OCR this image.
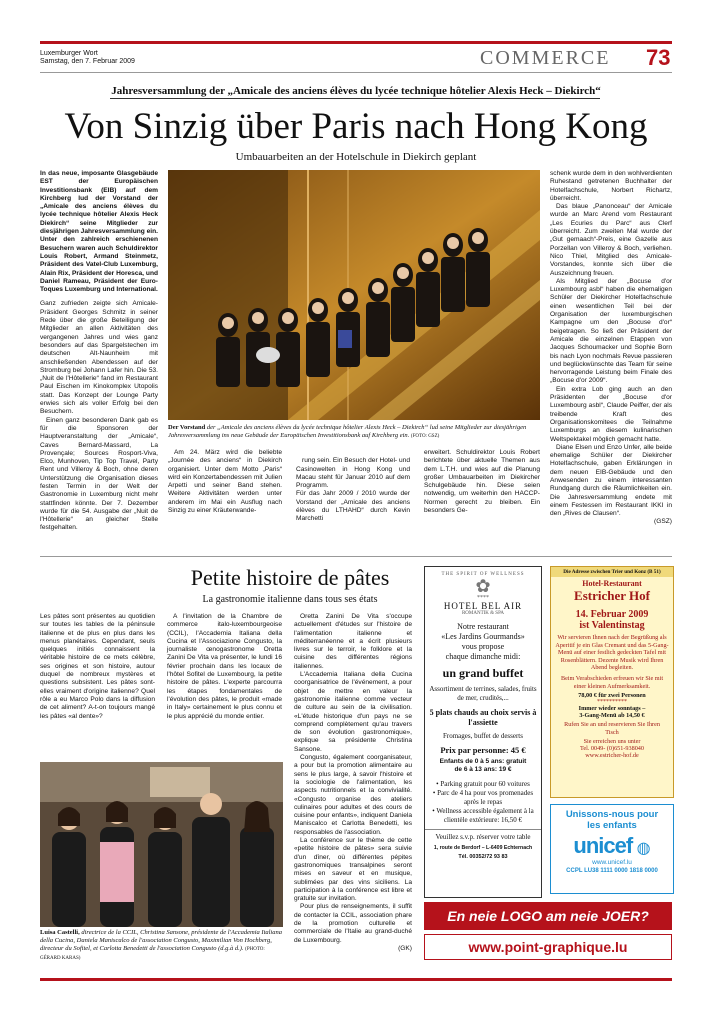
Luxemburger Wort
Samstag, den 7. Februar 2009	COMMERCE 73
Jahresversammlung der „Amicale des anciens élèves du lycée technique hôtelier Alexis Heck – Diekirch“
Von Sinzig über Paris nach Hong Kong
Umbauarbeiten an der Hotelschule in Diekirch geplant

In das neue, imposante Glasgebäude EST der Europäischen Investitionsbank (EIB) auf dem Kirchberg lud der Vorstand der „Amicale des anciens élèves du lycée technique hôtelier Alexis Heck Diekirch“ seine Mitglieder zur diesjährigen Jahresversammlung ein. Unter den zahlreich erschienenen Besuchern waren auch Schuldirektor Louis Robert, Armand Steinmetz, Präsident des Vatel-Club Luxemburg, Alain Rix, Präsident der Horesca, und Daniel Rameau, Präsident der Euro-Toques Luxemburg und International.

Ganz zufrieden zeigte sich Amicale-Präsident Georges Schmitz in seiner Rede über die große Beteiligung der Mitglieder an allen Aktivitäten des vergangenen Jahres und wies ganz besonders auf das Spargelstechen im deutschen Alt-Naunheim mit anschließenden Abendessen auf der Stromburg bei Johann Lafer hin. Die 53. „Nuit de l'Hôtellerie“ fand im Restaurant Paul Eischen im Kinokomplex Utopolis statt. Das Konzept der Lounge Party erwies sich als voller Erfolg bei den Besuchern.

Einen ganz besonderen Dank gab es für die Sponsoren der Hauptveranstaltung der „Amicale“, Caves Bernard-Massard, La Provençale; Sources Rosport-Viva, Elco, Munhoven, Tip Top Travel, Party Rent und Villeroy & Boch, ohne deren Unterstützung die Organisation dieses festen Termin in der Welt der Gastronomie in Luxemburg nicht mehr stattfinden könnte. Der 7. Dezember wurde für die 54. Ausgabe der „Nuit de l'Hôtellerie“ an gleicher Stelle festgehalten.

Der Vorstand der „Amicale des anciens élèves du lycée technique hôtelier Alexis Heck – Diekirch“ lud seine Mitglieder zur diesjährigen Jahresversammlung ins neue Gebäude der Europäischen Investitionsbank auf Kirchberg ein. (FOTO: GSZ)

Am 24. März wird die beliebte „Journée des anciens“ in Diekirch organisiert. Unter dem Motto „Paris“ wird ein Konzertabendessen mit Julien Arpetti und seiner Band stehen. Weitere Aktivitäten werden unter anderem im Mai ein Ausflug nach Sinzig zu einer Kräuterwande-

rung sein. Ein Besuch der Hotel- und Casinowelten in Hong Kong und Macau steht für Januar 2010 auf dem Programm.
Für das Jahr 2009 / 2010 wurde der Vorstand der „Amicale des anciens élèves du LTHAHD“ durch Kevin Marchetti

erweitert. Schuldirektor Louis Robert berichtete über aktuelle Themen aus dem L.T.H. und wies auf die Planung großer Umbauarbeiten im Diekircher Schulgebäude hin. Diese seien notwendig, um weiterhin den HACCP-Normen gerecht zu bleiben. Ein besonders Ge-

schenk wurde dem in den wohlverdienten Ruhestand getretenen Buchhalter der Hotelfachschule, Norbert Richartz, überreicht.

Das blaue „Panonceau“ der Amicale wurde an Marc Arend vom Restaurant „Les Ecuries du Parc“ aus Clerf überreicht. Zum zweiten Mal wurde der „Gut gemaach“-Preis, eine Gazelle aus Porzellan von Villeroy & Boch, verliehen. Nico Thiel, Mitglied des Amicale-Vorstandes, konnte sich über die Auszeichnung freuen.

Als Mitglied der „Bocuse d'or Luxembourg asbl“ haben die ehemaligen Schüler der Diekircher Hotelfachschule einen wesentlichen Teil bei der Organisation der luxemburgischen Kampagne um den „Bocuse d'or“ beigetragen. So ließ der Präsident der Amicale die einzelnen Etappen von Jacques Schoumacker und Sophie Born bis nach Lyon nochmals Revue passieren und beglückwünschte das Team für seine hervorragende Leistung beim Finale des „Bocuse d'or 2009“.

Ein extra Lob ging auch an den Präsidenten der „Bocuse d'or Luxembourg asbl“, Claude Peiffer, der als treibende Kraft des Organisationskomitees die Teilnahme Luxemburgs an diesem kulinarischen Weltspektakel möglich gemacht hatte.

Diane Elsen und Enzo Unfer, alle beide ehemalige Schüler der Diekircher Hotelfachschule, gaben Erklärungen in dem neuen EIB-Gebäude und den Anwesenden zu einem interessanten Rundgang durch die Räumlichkeiten ein. Die Jahresversammlung endete mit einem Festessen im Restaurant IKKI in den „Rives de Clausen“.

(GSZ)
Petite histoire de pâtes
La gastronomie italienne dans tous ses états

Les pâtes sont présentes au quotidien sur toutes les tables de la péninsule italienne et de plus en plus dans les menus planétaires. Cependant, seuls quelques initiés connaissent la véritable histoire de ce mets célèbre, ses origines et son histoire, autour duquel de nombreux mystères et questions subsistent. Les pâtes sont-elles vraiment d'origine italienne? Quel rôle a eu Marco Polo dans la diffusion de cet aliment? A-t-on toujours mangé les pâtes «al dente»?

A l'invitation de la Chambre de commerce italo-luxembourgeoise (CCIL), l'Accademia Italiana della Cucina et l'Associazione Congusto, la journaliste œnogastronome Oretta Zanini De Vita va présenter, le lundi 16 février prochain dans les locaux de l'hôtel Sofitel de Luxembourg, la petite histoire de pâtes. L'experte parcourra les étapes fondamentales de l'évolution des pâtes, le produit «made in Italy» certainement le plus connu et le plus apprécié du monde entier.

Oretta Zanini De Vita s'occupe actuellement d'études sur l'histoire de l'alimentation italienne et méditerranéenne et a écrit plusieurs livres sur le terroir, le folklore et la cuisine des différentes régions italiennes.

L'Accademia Italiana della Cucina coorganisatrice de l'événement, a pour objet de mettre en valeur la gastronomie italienne comme vecteur de culture au sein de la civilisation. «L'étude historique d'un pays ne se comprend complètement qu'au travers de son évolution gastronomique», explique sa présidente Christina Sansone.

Congusto, également coorganisateur, a pour but la promotion alimentaire au sens le plus large, à savoir l'histoire et la sociologie de l'alimentation, les aspects nutritionnels et la convivialité. «Congusto organise des ateliers culinaires pour adultes et des cours de cuisine pour enfants», indiquent Daniela Maniscalco et Carlotta Benedetti, les responsables de l'association.

La conférence sur le thème de cette «petite histoire de pâtes» sera suivie d'un dîner, où différentes pépites gastronomiques transalpines seront mises en saveur et en musique, sublimées par des vins siciliens. La participation à la conférence est libre et gratuite sur invitation.

Pour plus de renseignements, il suffit de contacter la CCIL, association phare de la promotion culturelle et commerciale de l'Italie au grand-duché de Luxembourg.

(GK)
Luisa Castelli, directrice de la CCIL, Christina Sansone, présidente de l'Accademia Italiana della Cucina, Daniela Maniscalco de l'association Congusto, Maximilian Von Hochberg, directeur du Sofitel, et Carlotta Benedetti de l'association Congusto (d.g.à d.). (PHOTO: GÉRARD KARAS)
THE SPIRIT OF WELLNESS
✿
****
HOTEL BEL AIR
ROMANTIK & SPA
Notre restaurant
«Les Jardins Gourmands»
vous propose
chaque dimanche midi:
un grand buffet
Assortiment de terrines, salades, fruits de mer, crudités,...
5 plats chauds au choix servis à l'assiette
Fromages, buffet de desserts
Prix par personne: 45 €
Enfants de 0 à 5 ans: gratuit
de 6 à 13 ans: 19 €
• Parking gratuit pour 60 voitures
• Parc de 4 ha pour vos promenades après le repas
• Wellness accessible également à la clientèle extérieure: 16,50 €
Veuillez s.v.p. réserver votre table
1, route de Berdorf – L-6409 Echternach
Tél. 00352/72 93 83
Die Adresse zwischen Trier und Konz (B 51)
Hotel-Restaurant
Estricher Hof
14. Februar 2009
ist Valentinstag
Wir servieren Ihnen nach der Begrüßung als Aperitif je ein Glas Cremant und das 5-Gang-Menü auf einer festlich gedeckten Tafel mit Rosenblättern. Dezente Musik wird Ihren Abend begleiten.
Beim Verabschieden erfreuen wir Sie mit einer kleinen Aufmerksamkeit.
78,00 € für zwei Personen
**********
Immer wieder sonntags –
3-Gang-Menü ab 14,50 €
Rufen Sie an und reservieren Sie Ihren Tisch
Sie erreichen uns unter
Tel. 0049- (0)651-938040
www.estricher-hof.de
Unissons-nous pour les enfants
unicef ◍
www.unicef.lu
CCPL LU38 1111 0000 1818 0000
En neie LOGO am neie JOER?
www.point-graphique.lu
